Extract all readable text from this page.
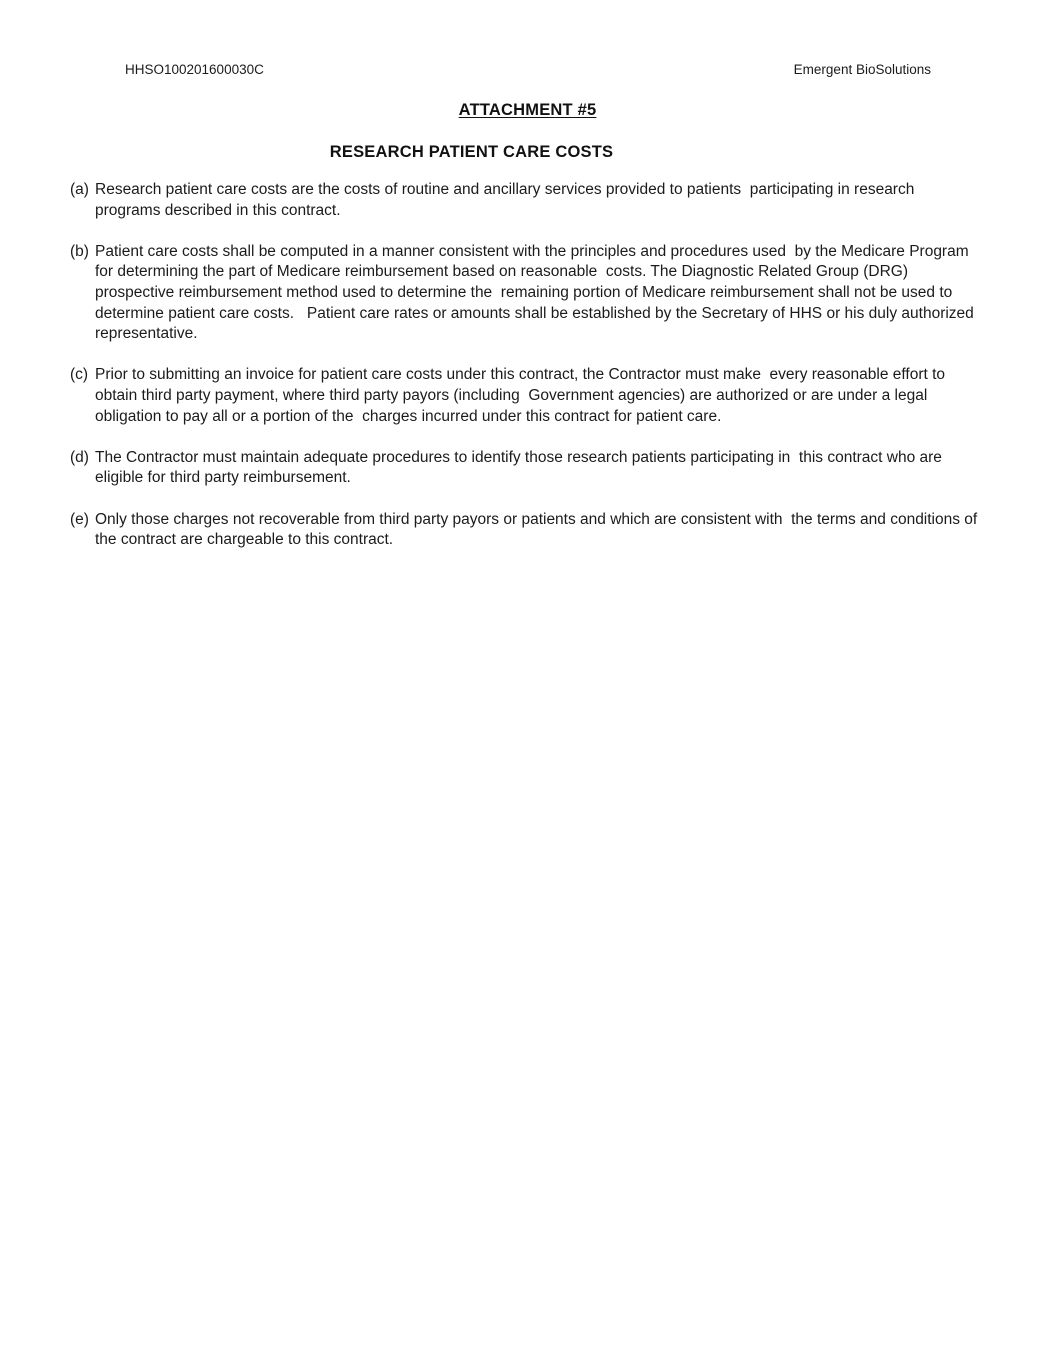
HHSO100201600030C	Emergent BioSolutions
ATTACHMENT #5
RESEARCH PATIENT CARE COSTS

(a) Research patient care costs are the costs of routine and ancillary services provided to patients  participating in research programs described in this contract.

(b) Patient care costs shall be computed in a manner consistent with the principles and procedures used  by the Medicare Program for determining the part of Medicare reimbursement based on reasonable  costs. The Diagnostic Related Group (DRG) prospective reimbursement method used to determine the  remaining portion of Medicare reimbursement shall not be used to determine patient care costs.   Patient care rates or amounts shall be established by the Secretary of HHS or his duly authorized  representative.

(c) Prior to submitting an invoice for patient care costs under this contract, the Contractor must make  every reasonable effort to obtain third party payment, where third party payors (including  Government agencies) are authorized or are under a legal obligation to pay all or a portion of the  charges incurred under this contract for patient care.

(d) The Contractor must maintain adequate procedures to identify those research patients participating in  this contract who are eligible for third party reimbursement.

(e) Only those charges not recoverable from third party payors or patients and which are consistent with  the terms and conditions of the contract are chargeable to this contract.
